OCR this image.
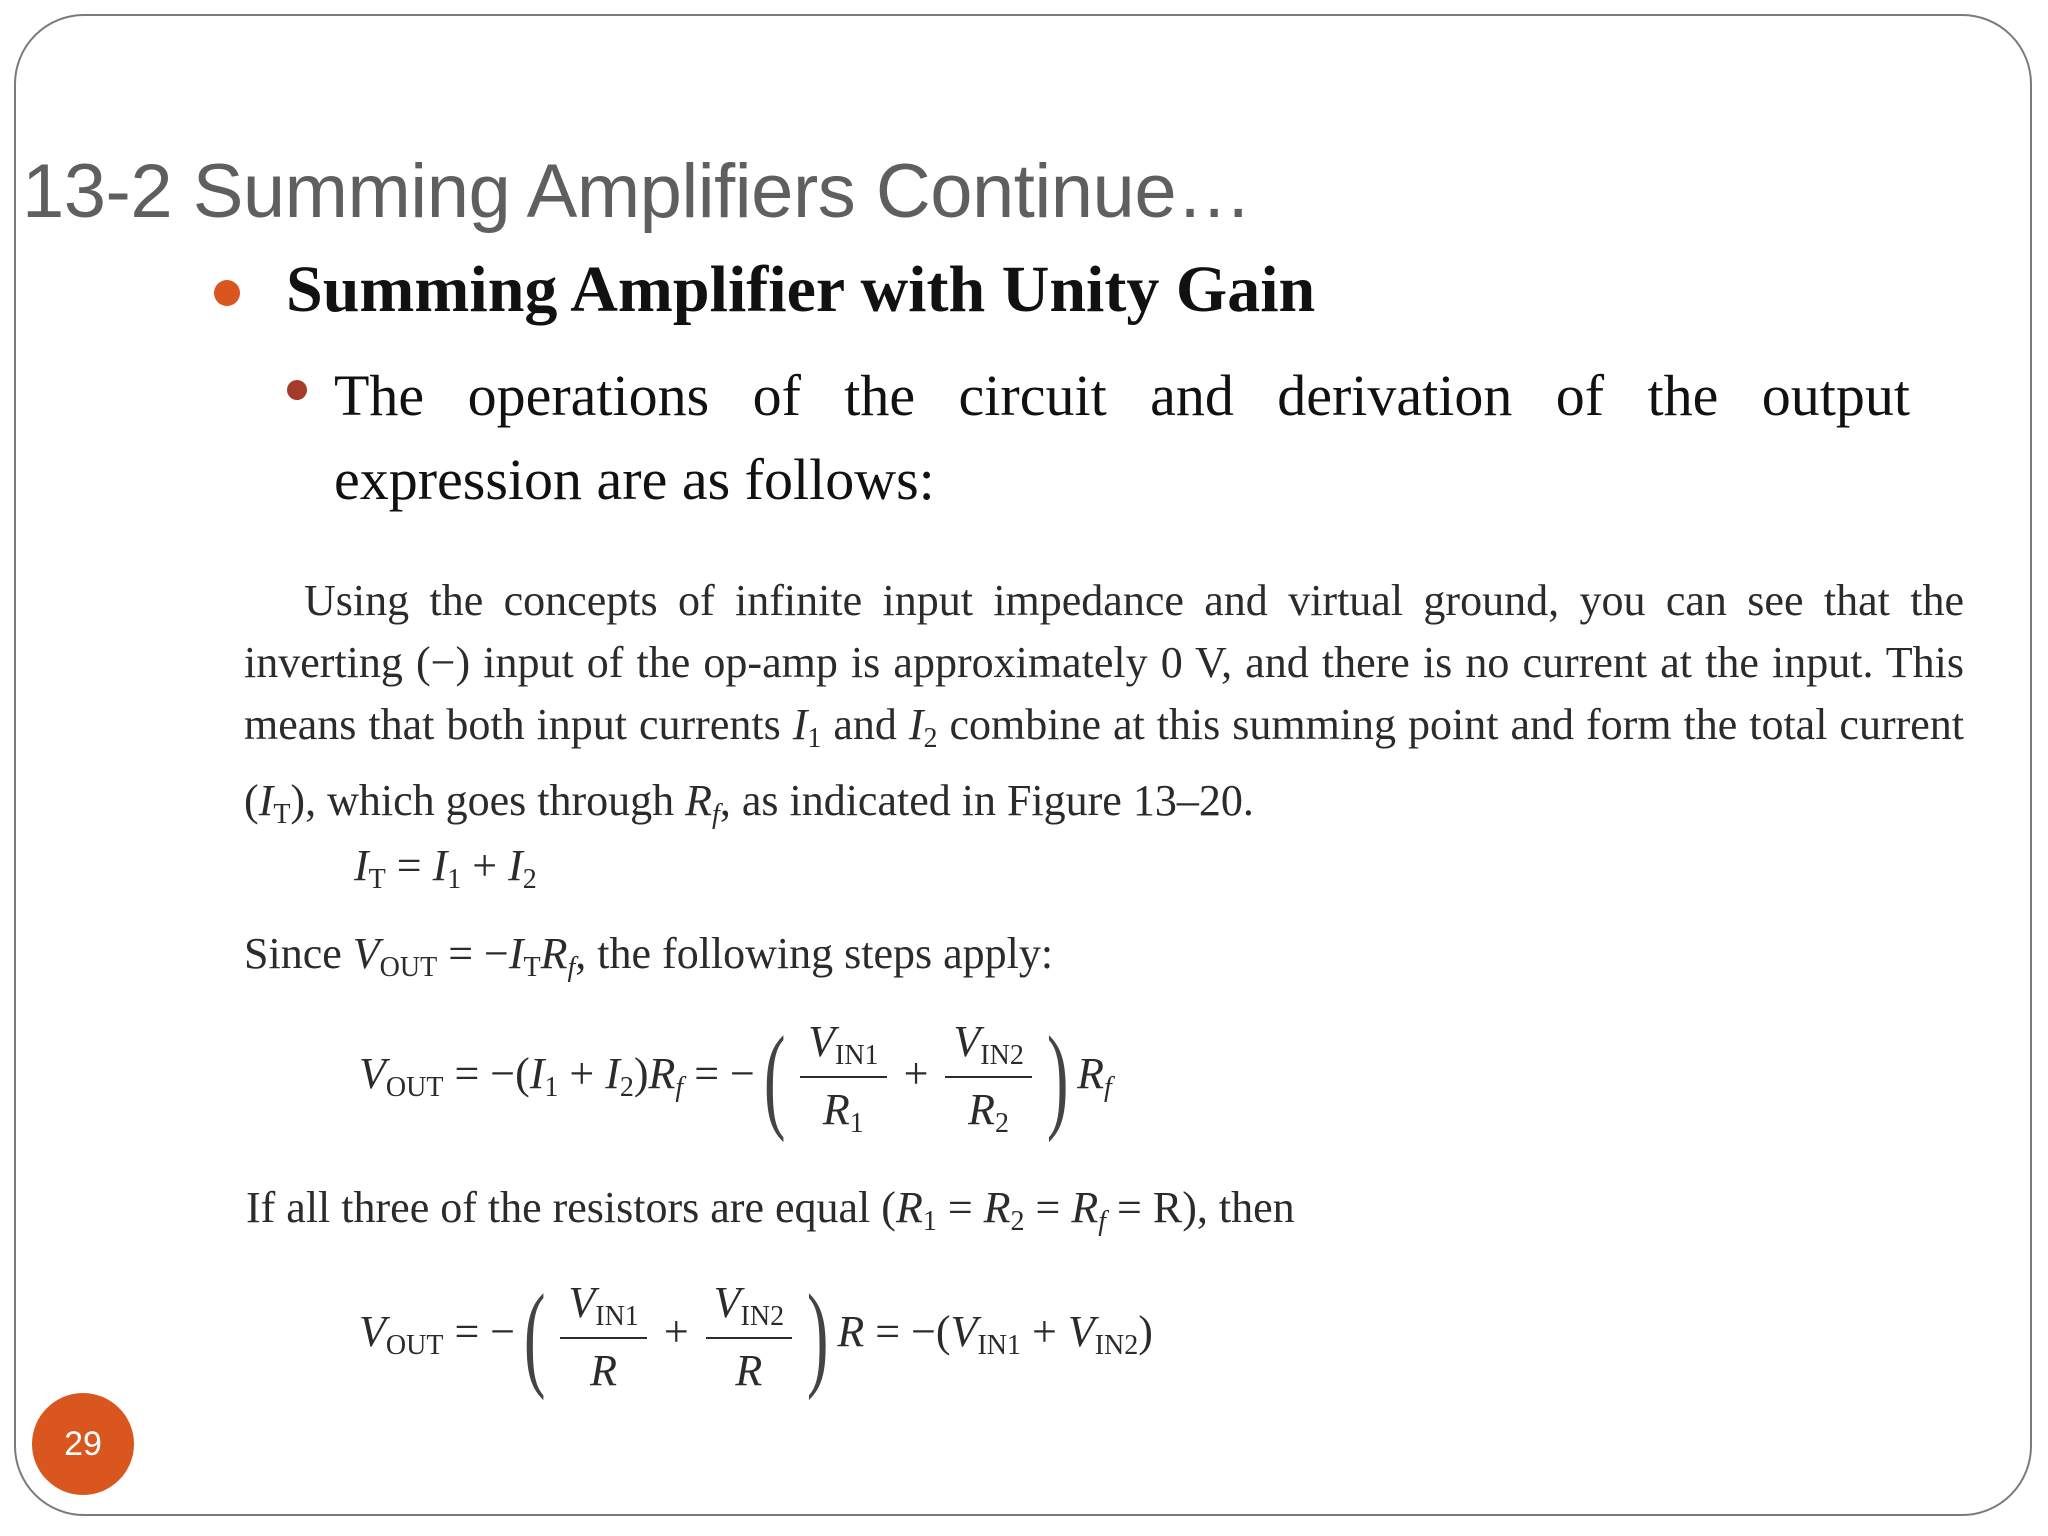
13-2 Summing Amplifiers Continue…
Summing Amplifier with Unity Gain
The operations of the circuit and derivation of the output expression are as follows:

Using the concepts of infinite input impedance and virtual ground, you can see that the inverting (−) input of the op-amp is approximately 0 V, and there is no current at the input. This means that both input currents $I_1$ and $I_2$ combine at this summing point and form the total current $(I_T)$, which goes through $R_f$, as indicated in Figure 13–20.

$I_T = I_1 + I_2$
Since $V_{OUT} = -I_TR_f$, the following steps apply:
$V_{OUT} = -(I_1 + I_2)R_f$ = −( $\frac{V_{IN1}}{R_1} + \frac{V_{IN2}}{R_2}$ ) $R_f$
If all three of the resistors are equal $(R_1 = R_2 = R_f = R)$, then
$V_{OUT}$ = −( $\frac{V_{IN1}}{R} + \frac{V_{IN2}}{R}$ ) $R = -(V_{IN1} + V_{IN2})$
29
